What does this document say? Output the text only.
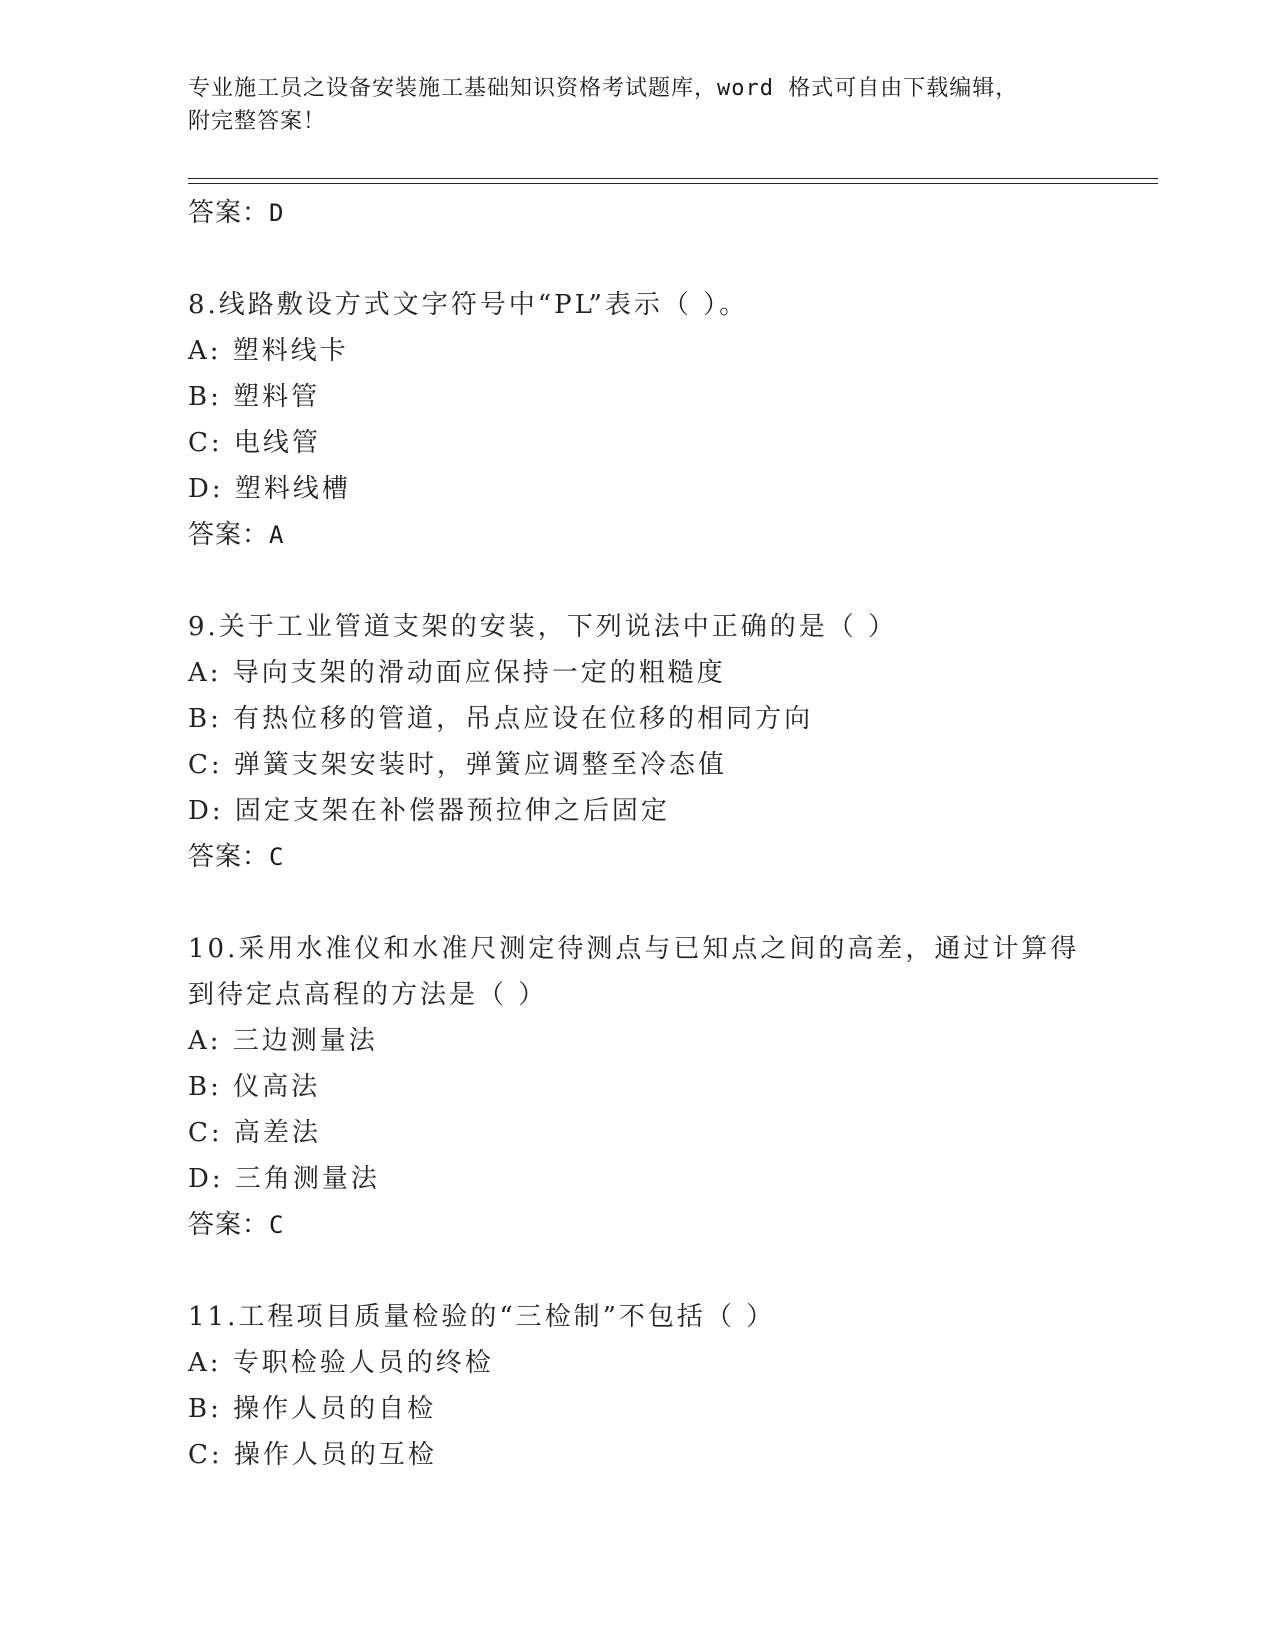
专业施工员之设备安装施工基础知识资格考试题库，word 格式可自由下载编辑，
附完整答案！
答案：D
8.线路敷设方式文字符号中“PL”表示（ ）。
A: 塑料线卡
B: 塑料管
C: 电线管
D: 塑料线槽
答案：A
9.关于工业管道支架的安装，下列说法中正确的是（ ）
A: 导向支架的滑动面应保持一定的粗糙度
B: 有热位移的管道，吊点应设在位移的相同方向
C: 弹簧支架安装时，弹簧应调整至冷态值
D: 固定支架在补偿器预拉伸之后固定
答案：C
10.采用水准仪和水准尺测定待测点与已知点之间的高差，通过计算得
到待定点高程的方法是（ ）
A: 三边测量法
B: 仪高法
C: 高差法
D: 三角测量法
答案：C
11.工程项目质量检验的“三检制”不包括（ ）
A: 专职检验人员的终检
B: 操作人员的自检
C: 操作人员的互检
